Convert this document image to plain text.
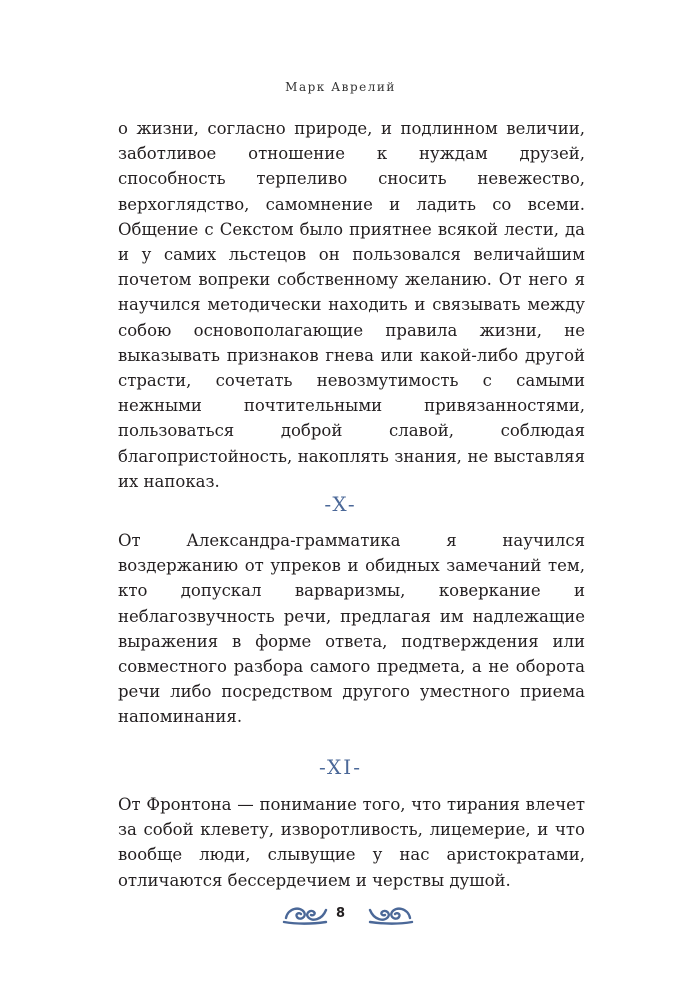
Марк Аврелий

о жизни, согласно природе, и подлинном величии, заботливое отношение к нуждам друзей, способность терпеливо сносить невежество, верхоглядство, самомнение и ладить со всеми. Общение с Секстом было приятнее всякой лести, да и у самих льстецов он пользовался величайшим почетом вопреки собственному желанию. От него я научился методически находить и связывать между собою основополагающие правила жизни, не выказывать признаков гнева или какой-либо другой страсти, сочетать невозмутимость с самыми нежными почтительными привязанностями, пользоваться доброй славой, соблюдая благопристойность, накоплять знания, не выставляя их напоказ.

-X-

От Александра-грамматика я научился воздержанию от упреков и обидных замечаний тем, кто допускал варваризмы, коверкание и неблагозвучность речи, предлагая им надлежащие выражения в форме ответа, подтверждения или совместного разбора самого предмета, а не оборота речи либо посредством другого уместного приема напоминания.

-XI-

От Фронтона — понимание того, что тирания влечет за собой клевету, изворотливость, лицемерие, и что вообще люди, слывущие у нас аристократами, отличаются бессердечием и черствы душой.

8
